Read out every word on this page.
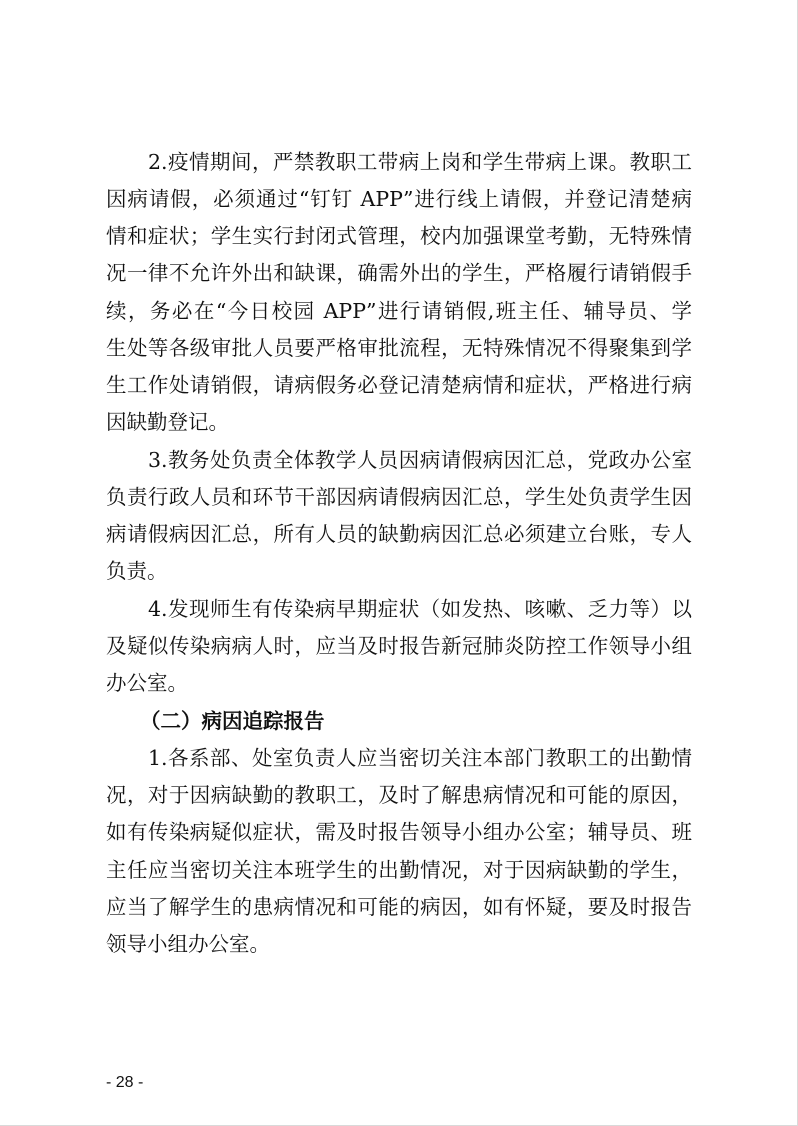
2.疫情期间，严禁教职工带病上岗和学生带病上课。教职工

因病请假，必须通过“钉钉 APP”进行线上请假，并登记清楚病

情和症状；学生实行封闭式管理，校内加强课堂考勤，无特殊情

况一律不允许外出和缺课，确需外出的学生，严格履行请销假手

续，务必在“今日校园 APP”进行请销假,班主任、辅导员、学

生处等各级审批人员要严格审批流程，无特殊情况不得聚集到学

生工作处请销假，请病假务必登记清楚病情和症状，严格进行病

因缺勤登记。

3.教务处负责全体教学人员因病请假病因汇总，党政办公室

负责行政人员和环节干部因病请假病因汇总，学生处负责学生因

病请假病因汇总，所有人员的缺勤病因汇总必须建立台账，专人

负责。

4.发现师生有传染病早期症状（如发热、咳嗽、乏力等）以

及疑似传染病病人时，应当及时报告新冠肺炎防控工作领导小组

办公室。

（二）病因追踪报告

1.各系部、处室负责人应当密切关注本部门教职工的出勤情

况，对于因病缺勤的教职工，及时了解患病情况和可能的原因，

如有传染病疑似症状，需及时报告领导小组办公室；辅导员、班

主任应当密切关注本班学生的出勤情况，对于因病缺勤的学生，

应当了解学生的患病情况和可能的病因，如有怀疑，要及时报告

领导小组办公室。

- 28 -
